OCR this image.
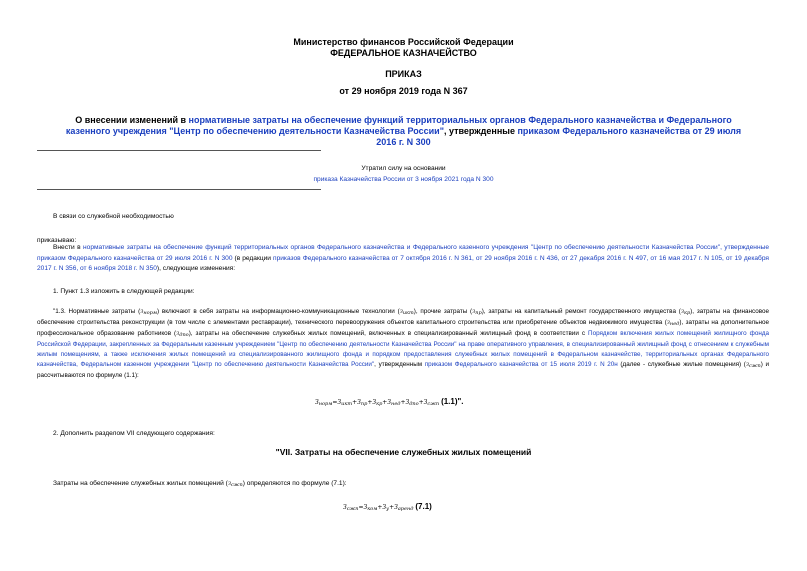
Министерство финансов Российской Федерации
ФЕДЕРАЛЬНОЕ КАЗНАЧЕЙСТВО
ПРИКАЗ
от 29 ноября 2019 года N 367
О внесении изменений в нормативные затраты на обеспечение функций территориальных органов Федерального казначейства и Федерального казенного учреждения "Центр по обеспечению деятельности Казначейства России", утвержденные приказом Федерального казначейства от 29 июля 2016 г. N 300
Утратил силу на основании
приказа Казначейства России от 3 ноября 2021 года N 300
В связи со служебной необходимостью
приказываю:
Внести в нормативные затраты на обеспечение функций территориальных органов Федерального казначейства и Федерального казенного учреждения "Центр по обеспечению деятельности Казначейства России", утвержденные приказом Федерального казначейства от 29 июля 2016 г. N 300 (в редакции приказов Федерального казначейства от 7 октября 2016 г. N 361, от 29 ноября 2016 г. N 436, от 27 декабря 2016 г. N 497, от 16 мая 2017 г. N 105, от 19 декабря 2017 г. N 356, от 6 ноября 2018 г. N 350), следующие изменения:
1. Пункт 1.3 изложить в следующей редакции:
"1.3. Нормативные затраты (Знорм) включают в себя затраты на информационно-коммуникационные технологии (Зикт), прочие затраты (Зпр), затраты на капитальный ремонт государственного имущества (Зкр), затраты на финансовое обеспечение строительства реконструкции (в том числе с элементами реставрации), технического перевооружения объектов капитального строительства или приобретение объектов недвижимого имущества (Знед), затраты на дополнительное профессиональное образование работников (Здпо), затраты на обеспечение служебных жилых помещений, включенных в специализированный жилищный фонд в соответствии с Порядком включения жилых помещений жилищного фонда Российской Федерации, закрепленных за Федеральным казенным учреждением "Центр по обеспечению деятельности Казначейства России" на праве оперативного управления, в специализированный жилищный фонд с отнесением к служебным жилым помещениям, а также исключения жилых помещений из специализированного жилищного фонда и порядком предоставления служебных жилых помещений в Федеральном казначействе, территориальных органах Федерального казначейства, Федеральном казенном учреждении "Центр по обеспечению деятельности Казначейства России", утвержденным приказом Федерального казначейства от 15 июля 2019 г. N 20н (далее - служебные жилые помещения) (Зсжп) и рассчитываются по формуле (1.1):
$З_{норм}=З_{икт}+З_{пр}+З_{кр}+З_{нед}+З_{дпо}+З_{сжп}$ (1.1)".
2. Дополнить разделом VII следующего содержания:
"VII. Затраты на обеспечение служебных жилых помещений
Затраты на обеспечение служебных жилых помещений (Зсжп) определяются по формуле (7.1):
$З_{сжп}=З_{ком}+З_у+З_{аренд}$ (7.1)
